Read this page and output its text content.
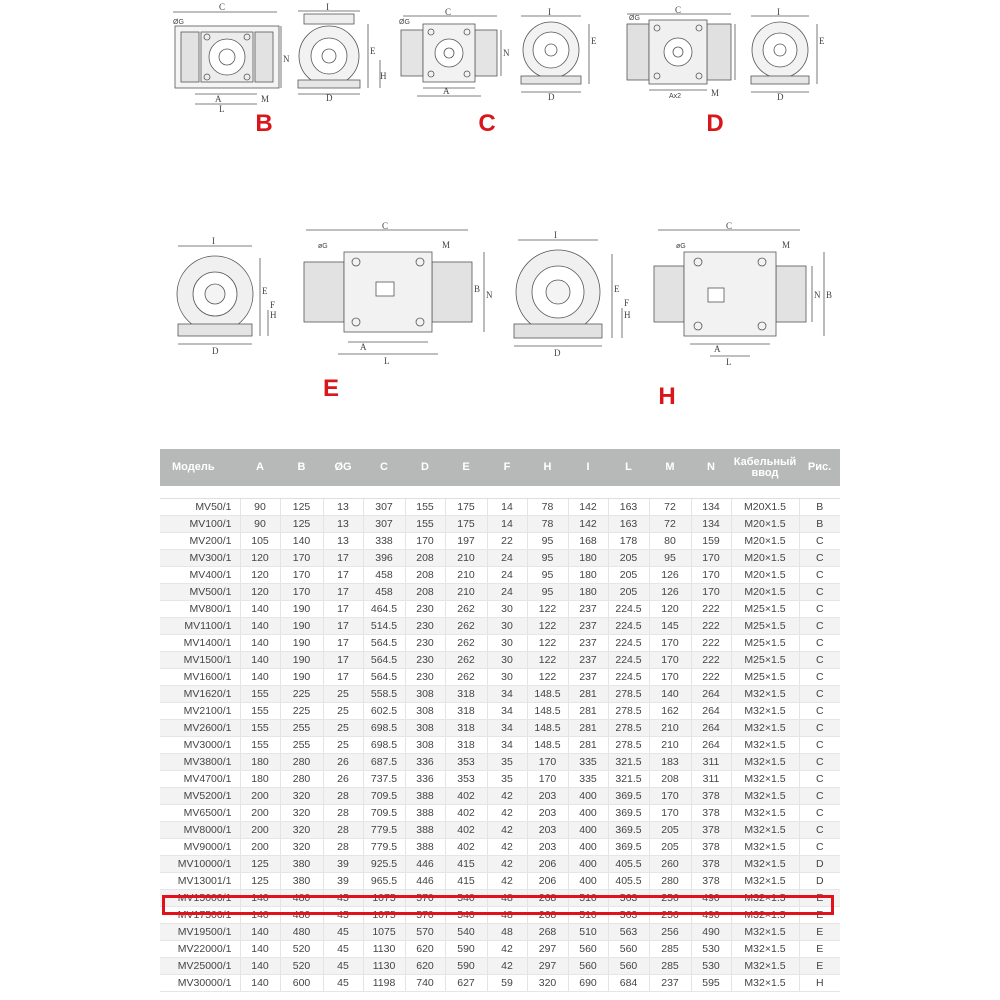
C
ØG
N
A
L
M
I
E
H
D
B
C
ØG
N
A
I
E
D
C
ØG
C
Ax2	M
I
E
D
D
I
E
F
H
D
C
øG	M
B
N
A
L
E
I
E
F
H
D
C
øG	M
N B
A
L
H
Модель	A	B	ØG	C	D	E	F	H	I	L	M	N	Кабельный ввод	Рис.

MV50/1	90	125	13	307	155	175	14	78	142	163	72	134	M20X1.5	B
MV100/1	90	125	13	307	155	175	14	78	142	163	72	134	M20×1.5	B
MV200/1	105	140	13	338	170	197	22	95	168	178	80	159	M20×1.5	C
MV300/1	120	170	17	396	208	210	24	95	180	205	95	170	M20×1.5	C
MV400/1	120	170	17	458	208	210	24	95	180	205	126	170	M20×1.5	C
MV500/1	120	170	17	458	208	210	24	95	180	205	126	170	M20×1.5	C
MV800/1	140	190	17	464.5	230	262	30	122	237	224.5	120	222	M25×1.5	C
MV1100/1	140	190	17	514.5	230	262	30	122	237	224.5	145	222	M25×1.5	C
MV1400/1	140	190	17	564.5	230	262	30	122	237	224.5	170	222	M25×1.5	C
MV1500/1	140	190	17	564.5	230	262	30	122	237	224.5	170	222	M25×1.5	C
MV1600/1	140	190	17	564.5	230	262	30	122	237	224.5	170	222	M25×1.5	C
MV1620/1	155	225	25	558.5	308	318	34	148.5	281	278.5	140	264	M32×1.5	C
MV2100/1	155	225	25	602.5	308	318	34	148.5	281	278.5	162	264	M32×1.5	C
MV2600/1	155	255	25	698.5	308	318	34	148.5	281	278.5	210	264	M32×1.5	C
MV3000/1	155	255	25	698.5	308	318	34	148.5	281	278.5	210	264	M32×1.5	C
MV3800/1	180	280	26	687.5	336	353	35	170	335	321.5	183	311	M32×1.5	C
MV4700/1	180	280	26	737.5	336	353	35	170	335	321.5	208	311	M32×1.5	C
MV5200/1	200	320	28	709.5	388	402	42	203	400	369.5	170	378	M32×1.5	C
MV6500/1	200	320	28	709.5	388	402	42	203	400	369.5	170	378	M32×1.5	C
MV8000/1	200	320	28	779.5	388	402	42	203	400	369.5	205	378	M32×1.5	C
MV9000/1	200	320	28	779.5	388	402	42	203	400	369.5	205	378	M32×1.5	C
MV10000/1	125	380	39	925.5	446	415	42	206	400	405.5	260	378	M32×1.5	D
MV13001/1	125	380	39	965.5	446	415	42	206	400	405.5	280	378	M32×1.5	D
MV15000/1	140	480	45	1075	570	540	48	268	510	563	256	490	M32×1.5	E
MV17500/1	140	480	45	1075	570	540	48	268	510	563	256	490	M32×1.5	E
MV19500/1	140	480	45	1075	570	540	48	268	510	563	256	490	M32×1.5	E
MV22000/1	140	520	45	1130	620	590	42	297	560	560	285	530	M32×1.5	E
MV25000/1	140	520	45	1130	620	590	42	297	560	560	285	530	M32×1.5	E
MV30000/1	140	600	45	1198	740	627	59	320	690	684	237	595	M32×1.5	H
